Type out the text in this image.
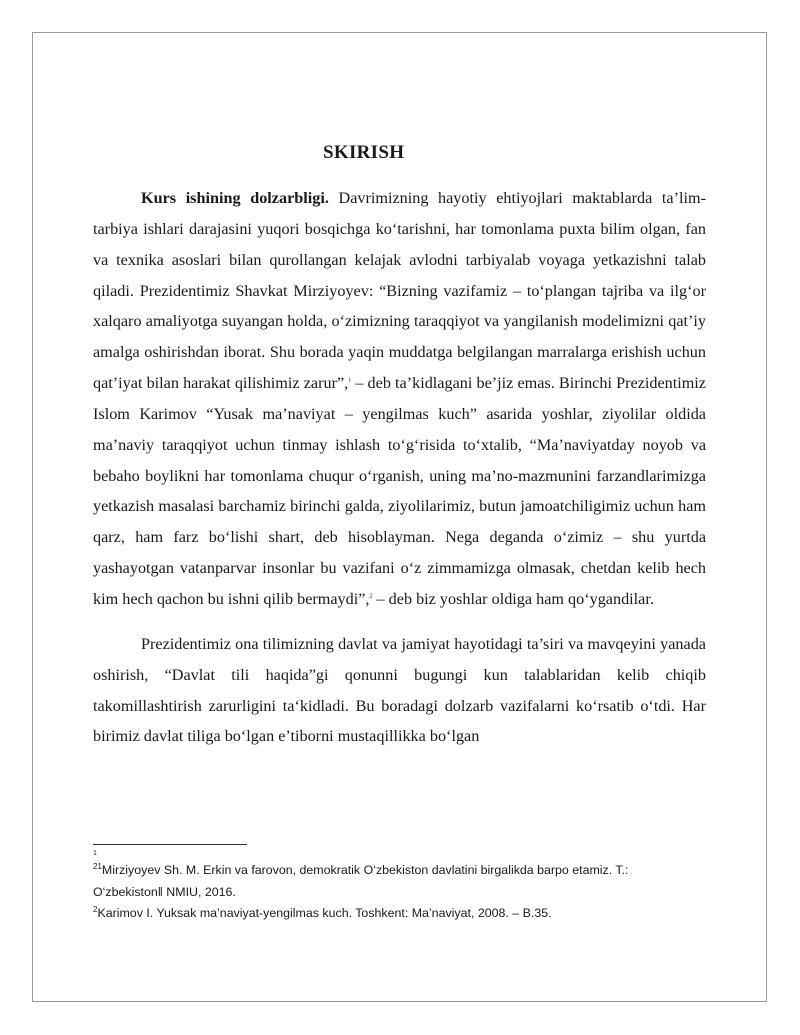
SKIRISH

Kurs ishining dolzarbligi. Davrimizning hayotiy ehtiyojlari maktablarda ta’lim-tarbiya ishlari darajasini yuqori bosqichga ko‘tarishni, har tomonlama puxta bilim olgan, fan va texnika asoslari bilan qurollangan kelajak avlodni tarbiyalab voyaga yetkazishni talab qiladi. Prezidentimiz Shavkat Mirziyoyev: “Bizning vazifamiz – to‘plangan tajriba va ilg‘or xalqaro amaliyotga suyangan holda, o‘zimizning taraqqiyot va yangilanish modelimizni qat’iy amalga oshirishdan iborat. Shu borada yaqin muddatga belgilangan marralarga erishish uchun qat’iyat bilan harakat qilishimiz zarur”,$^1$ – deb ta’kidlagani be’jiz emas. Birinchi Prezidentimiz Islom Karimov “Yusak ma’naviyat – yengilmas kuch” asarida yoshlar, ziyolilar oldida ma’naviy taraqqiyot uchun tinmay ishlash to‘g‘risida to‘xtalib, “Ma’naviyatday noyob va bebaho boylikni har tomonlama chuqur o‘rganish, uning ma’no-mazmunini farzandlarimizga yetkazish masalasi barchamiz birinchi galda, ziyolilarimiz, butun jamoatchiligimiz uchun ham qarz, ham farz bo‘lishi shart, deb hisoblayman. Nega deganda o‘zimiz – shu yurtda yashayotgan vatanparvar insonlar bu vazifani o‘z zimmamizga olmasak, chetdan kelib hech kim hech qachon bu ishni qilib bermaydi”,$^2$ – deb biz yoshlar oldiga ham qo‘ygandilar.

Prezidentimiz ona tilimizning davlat va jamiyat hayotidagi ta’siri va mavqeyini yanada oshirish, “Davlat tili haqida”gi qonunni bugungi kun talablaridan kelib chiqib takomillashtirish zarurligini ta‘kidladi. Bu boradagi dolzarb vazifalarni ko‘rsatib o‘tdi. Har birimiz davlat tiliga bo‘lgan e’tiborni mustaqillikka bo‘lgan

1

$^{21}$Mirziyoyev Sh. M. Erkin va farovon, demokratik O‘zbekiston davlatini birgalikda barpo etamiz. T.:

O‘zbekiston‖ NMIU, 2016.

$^2$Karimov I. Yuksak ma’naviyat-yengilmas kuch. Toshkent: Ma’naviyat, 2008. – B.35.
